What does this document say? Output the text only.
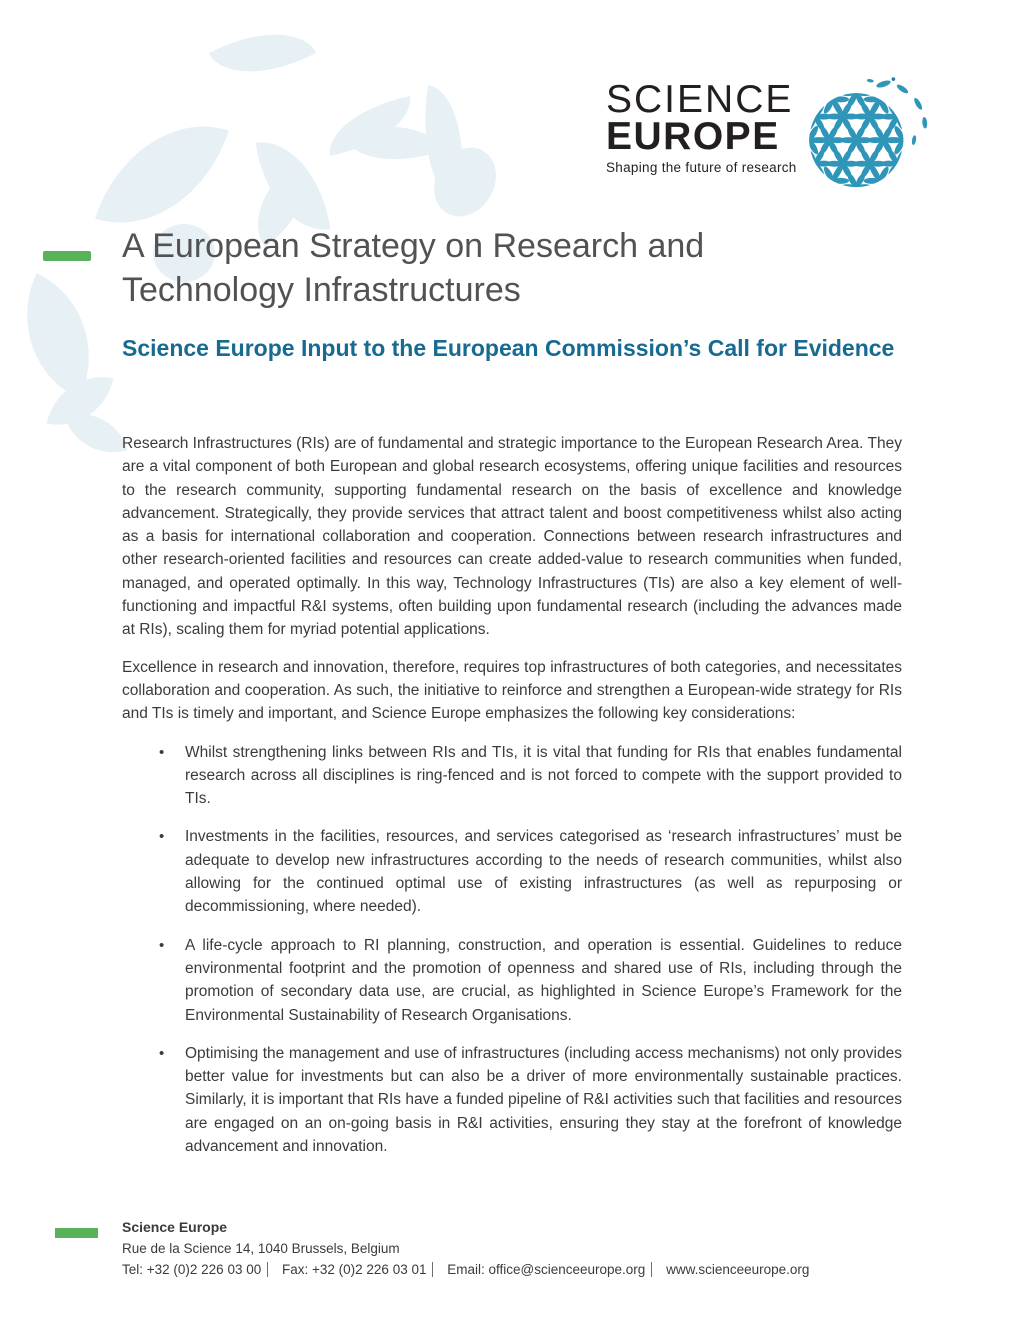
SCIENCE
EUROPE
Shaping the future of research
A European Strategy on Research and
Technology Infrastructures
Science Europe Input to the European Commission’s Call for Evidence

Research Infrastructures (RIs) are of fundamental and strategic importance to the European Research Area. They are a vital component of both European and global research ecosystems, offering unique facilities and resources to the research community, supporting fundamental research on the basis of excellence and knowledge advancement. Strategically, they provide services that attract talent and boost competitiveness whilst also acting as a basis for international collaboration and cooperation. Connections between research infrastructures and other research-oriented facilities and resources can create added-value to research communities when funded, managed, and operated optimally. In this way, Technology Infrastructures (TIs) are also a key element of well-functioning and impactful R&I systems, often building upon fundamental research (including the advances made at RIs), scaling them for myriad potential applications.

Excellence in research and innovation, therefore, requires top infrastructures of both categories, and necessitates collaboration and cooperation. As such, the initiative to reinforce and strengthen a European-wide strategy for RIs and TIs is timely and important, and Science Europe emphasizes the following key considerations:

•	Whilst strengthening links between RIs and TIs, it is vital that funding for RIs that enables fundamental research across all disciplines is ring-fenced and is not forced to compete with the support provided to TIs.

•	Investments in the facilities, resources, and services categorised as ‘research infrastructures’ must be adequate to develop new infrastructures according to the needs of research communities, whilst also allowing for the continued optimal use of existing infrastructures (as well as repurposing or decommissioning, where needed).

•	A life-cycle approach to RI planning, construction, and operation is essential. Guidelines to reduce environmental footprint and the promotion of openness and shared use of RIs, including through the promotion of secondary data use, are crucial, as highlighted in Science Europe’s Framework for the Environmental Sustainability of Research Organisations.

•	Optimising the management and use of infrastructures (including access mechanisms) not only provides better value for investments but can also be a driver of more environmentally sustainable practices. Similarly, it is important that RIs have a funded pipeline of R&I activities such that facilities and resources are engaged on an on-going basis in R&I activities, ensuring they stay at the forefront of knowledge advancement and innovation.

Science Europe
Rue de la Science 14, 1040 Brussels, Belgium
Tel: +32 (0)2 226 03 00 Fax: +32 (0)2 226 03 01 Email: office@scienceeurope.org www.scienceeurope.org
